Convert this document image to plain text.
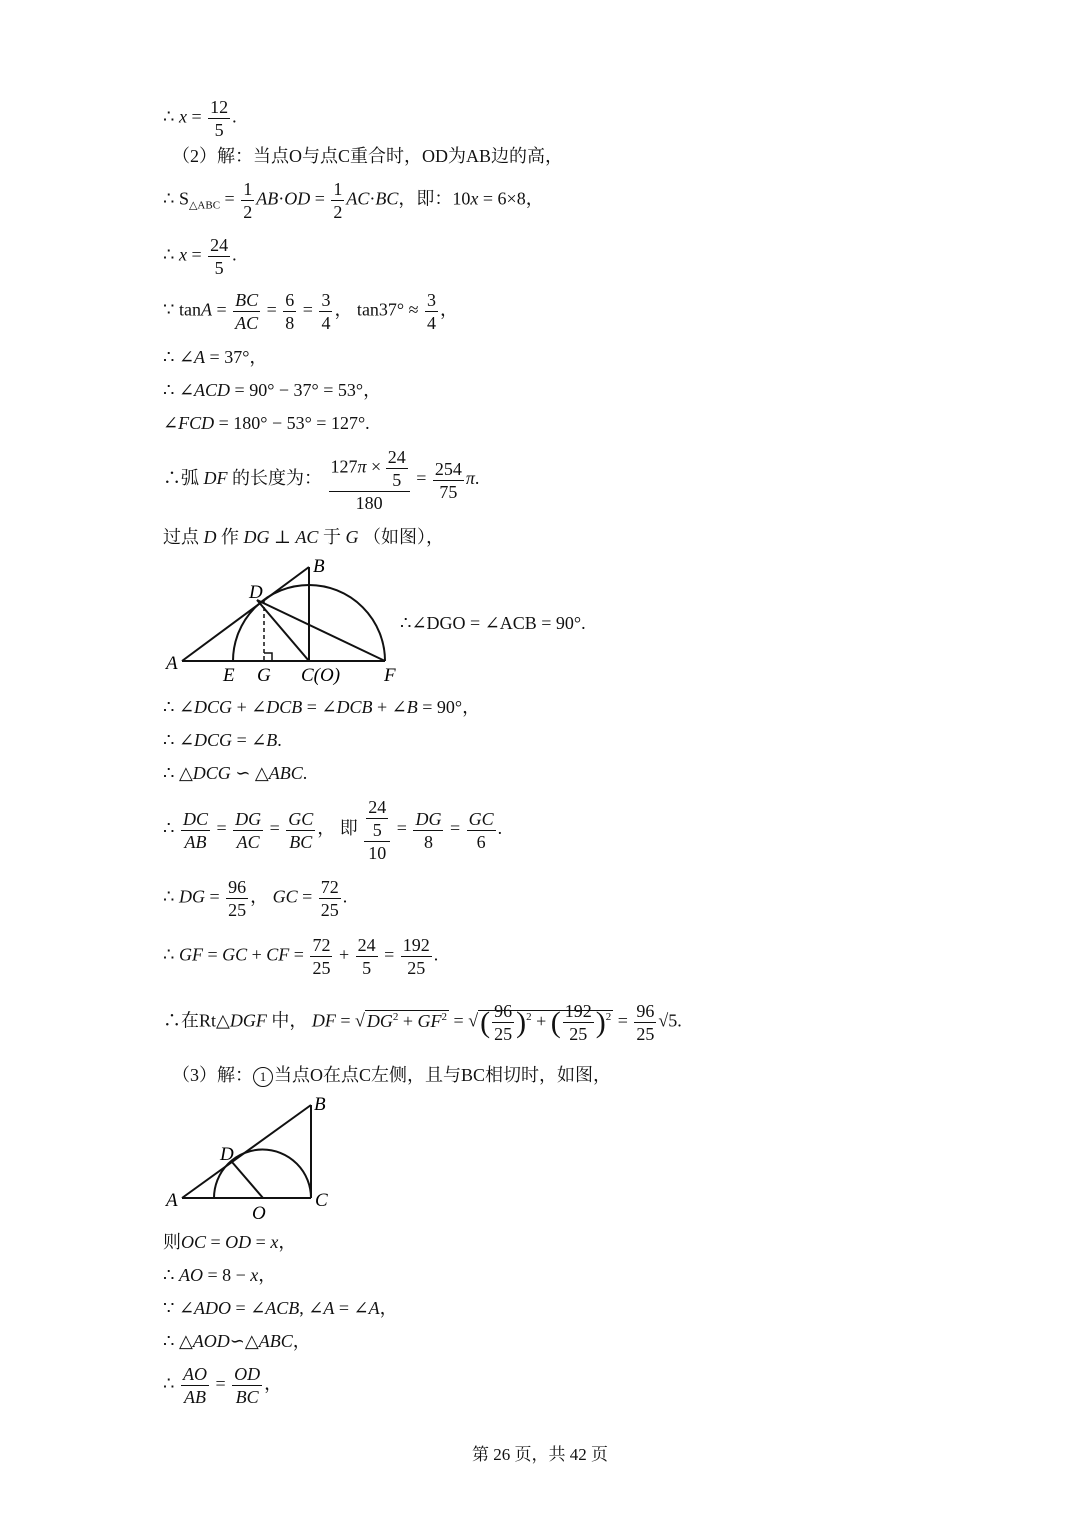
∴ $x = \frac{12}{5}$ .
（2）解：当点O与点C重合时，OD为AB边的高，
∴ $S_{\triangle ABC} = \frac{1}{2} AB\cdot OD = \frac{1}{2} AC\cdot BC$，即：10x = 6×8，
∴ $x = \frac{24}{5}$ .
∵ $\tan A = \frac{BC}{AC} = \frac{6}{8} = \frac{3}{4}$ ， $\tan 37^\circ \approx \frac{3}{4}$ ，
∴ ∠A = 37°，
∴ ∠ACD = 90° − 37° = 53°，
∠FCD = 180° − 53° = 127°.
∴弧 DF 的长度为： $\frac{127\pi \times \frac{24}{5}}{180} = \frac{254}{75} \pi$.
过点 D 作 DG ⊥ AC 于 G （如图），
A
B
D
E G C(O) F
∴∠DGO = ∠ACB = 90°.
∴ ∠DCG + ∠DCB = ∠DCB + ∠B = 90°，
∴ ∠DCG = ∠B.
∴ △DCG ∽ △ABC.
∴ $\frac{DC}{AB} = \frac{DG}{AC} = \frac{GC}{BC}$ ， 即 $\frac{\frac{24}{5}}{10} = \frac{DG}{8} = \frac{GC}{6}$ .
∴ DG = $\frac{96}{25}$ ， GC = $\frac{72}{25}$ .
∴ GF = GC + CF = $\frac{72}{25} + \frac{24}{5} = \frac{192}{25}$ .
∴在Rt△DGF 中， DF = √ $DG^2 + GF^2$ = √( $\frac{96}{25} )^2$ + ( $\frac{192}{25} )^2 = \frac{96}{25} √5$.
（3）解： 1 当点O在点C左侧，且与BC相切时，如图，
A
B
C
D
O
则OC = OD = x，
∴ AO = 8 − x，
∵ ∠ADO = ∠ACB, ∠A = ∠A，
∴ △AOD∽△ABC，
∴ $\frac{AO}{AB} = \frac{OD}{BC}$ ，
第 26 页，共 42 页
